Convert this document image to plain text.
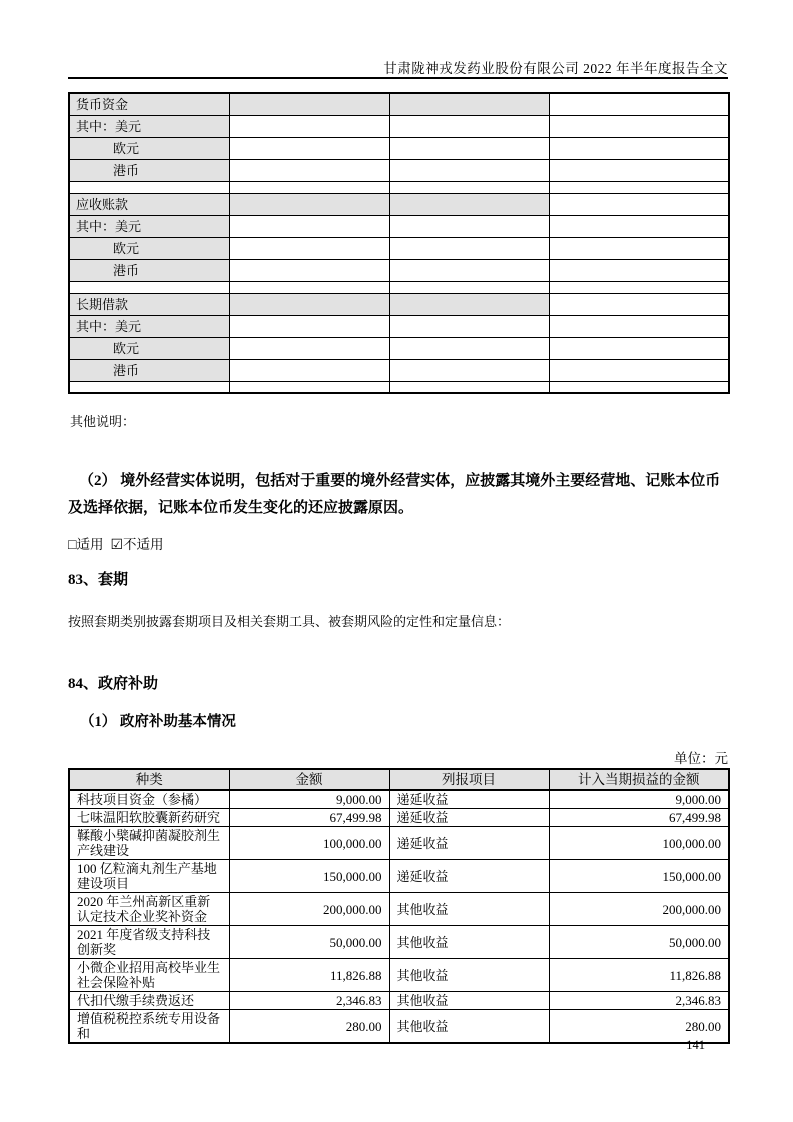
甘肃陇神戎发药业股份有限公司 2022 年半年度报告全文
货币资金			
其中：美元			
欧元			
港币			

应收账款			
其中：美元			
欧元			
港币			

长期借款			
其中：美元			
欧元			
港币			

其他说明：
（2） 境外经营实体说明，包括对于重要的境外经营实体，应披露其境外主要经营地、记账本位币及选择依据，记账本位币发生变化的还应披露原因。
□适用 ☑不适用
83、套期
按照套期类别披露套期项目及相关套期工具、被套期风险的定性和定量信息：
84、政府补助
（1） 政府补助基本情况
单位：元
种类	金额	列报项目	计入当期损益的金额
科技项目资金（参橘）	9,000.00	递延收益	9,000.00
七味温阳软胶囊新药研究	67,499.98	递延收益	67,499.98
鞣酸小檗碱抑菌凝胶剂生产线建设	100,000.00	递延收益	100,000.00
100 亿粒滴丸剂生产基地建设项目	150,000.00	递延收益	150,000.00
2020 年兰州高新区重新认定技术企业奖补资金	200,000.00	其他收益	200,000.00
2021 年度省级支持科技创新奖	50,000.00	其他收益	50,000.00
小微企业招用高校毕业生社会保险补贴	11,826.88	其他收益	11,826.88
代扣代缴手续费返还	2,346.83	其他收益	2,346.83
增值税税控系统专用设备和	280.00	其他收益	280.00
141
